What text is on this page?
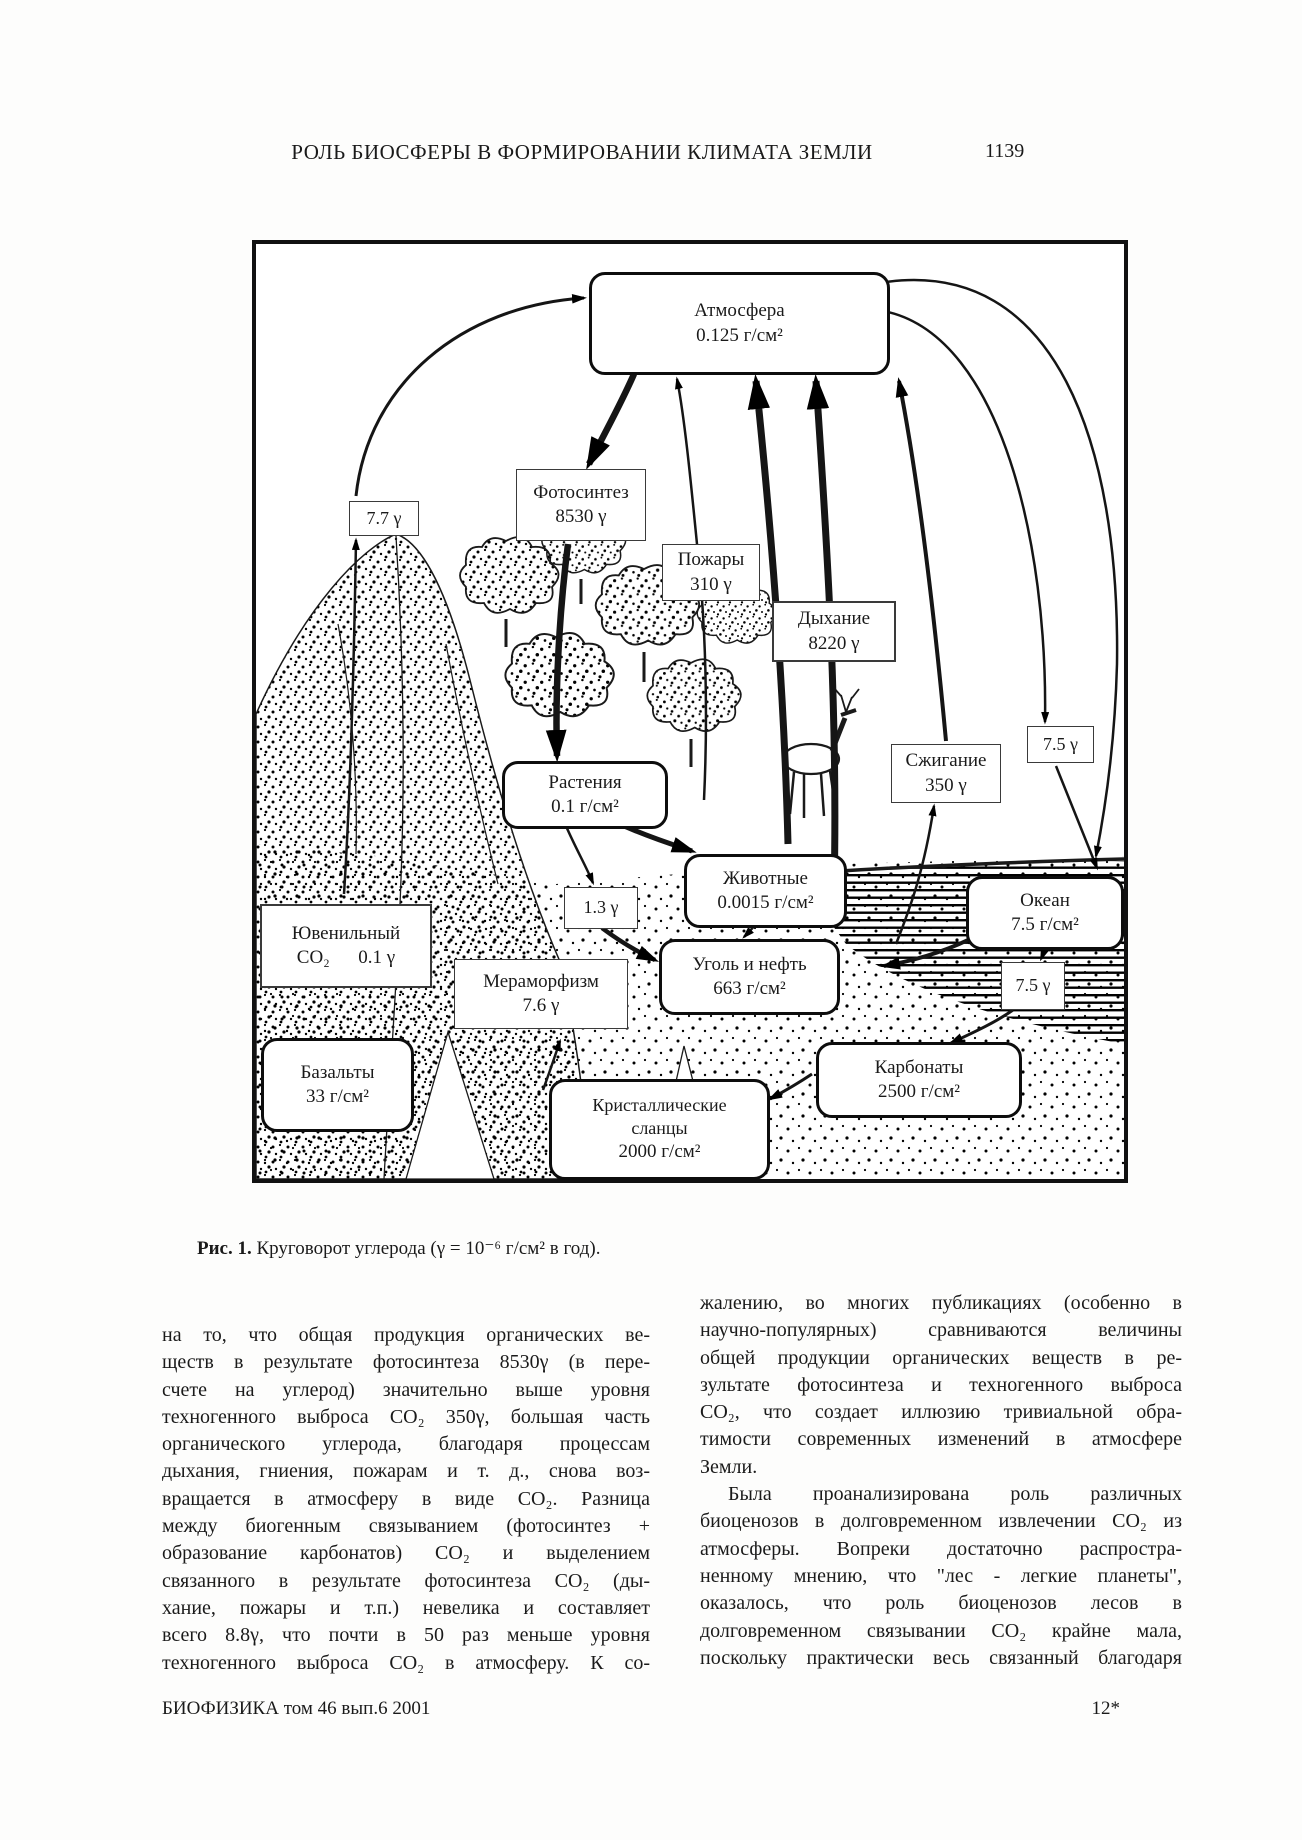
РОЛЬ БИОСФЕРЫ В ФОРМИРОВАНИИ КЛИМАТА ЗЕМЛИ	1139
Атмосфера
0.125 г/см²
7.7 γ
Фотосинтез
8530 γ
Пожары
310 γ
Дыхание
8220 γ
Сжигание
350 γ
7.5 γ
Растения
0.1 г/см²
Животные
0.0015 г/см²
Ювенильный
CO₂      0.1 γ
1.3 γ
Уголь и нефть
663 г/см²
Мераморфизм
7.6 γ
Океан
7.5 г/см²
7.5 γ
Базальты
33 г/см²
Карбонаты
2500 г/см²
Кристаллические
сланцы
2000 г/см²
Рис. 1. Круговорот углерода (γ = 10⁻⁶ г/см² в год).
на то, что общая продукция органических ве-
ществ в результате фотосинтеза 8530γ (в пере-
счете на углерод) значительно выше уровня
техногенного выброса CO₂ 350γ, большая часть
органического углерода, благодаря процессам
дыхания, гниения, пожарам и т. д., снова воз-
вращается в атмосферу в виде CO₂. Разница
между биогенным связыванием (фотосинтез +
образование карбонатов) CO₂ и выделением
связанного в результате фотосинтеза CO₂ (ды-
хание, пожары и т.п.) невелика и составляет
всего 8.8γ, что почти в 50 раз меньше уровня
техногенного выброса CO₂ в атмосферу. К со-
жалению, во многих публикациях (особенно в
научно-популярных) сравниваются величины
общей продукции органических веществ в ре-
зультате фотосинтеза и техногенного выброса
CO₂, что создает иллюзию тривиальной обра-
тимости современных изменений в атмосфере
Земли.
Была проанализирована роль различных
биоценозов в долговременном извлечении CO₂ из
атмосферы. Вопреки достаточно распростра-
ненному мнению, что "лес - легкие планеты",
оказалось, что роль биоценозов лесов в
долговременном связывании CO₂ крайне мала,
поскольку практически весь связанный благодаря
БИОФИЗИКА том 46 вып.6 2001	12*
